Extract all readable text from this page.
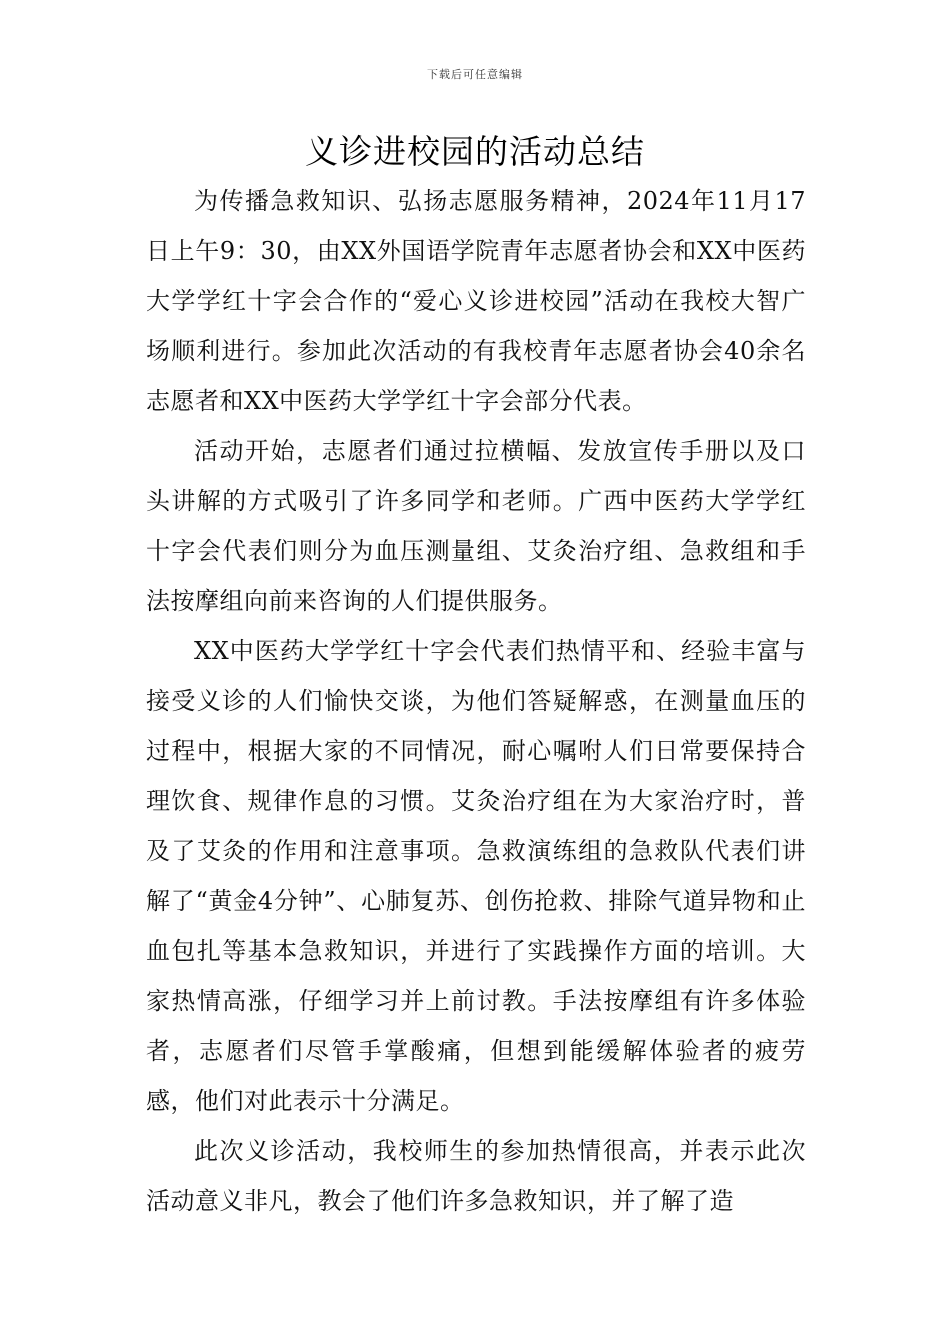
下载后可任意编辑
义诊进校园的活动总结

为传播急救知识、弘扬志愿服务精神，2024年11月17日上午9：30，由XX外国语学院青年志愿者协会和XX中医药大学学红十字会合作的“爱心义诊进校园”活动在我校大智广场顺利进行。参加此次活动的有我校青年志愿者协会40余名志愿者和XX中医药大学学红十字会部分代表。

活动开始，志愿者们通过拉横幅、发放宣传手册以及口头讲解的方式吸引了许多同学和老师。广西中医药大学学红十字会代表们则分为血压测量组、艾灸治疗组、急救组和手法按摩组向前来咨询的人们提供服务。

XX中医药大学学红十字会代表们热情平和、经验丰富与接受义诊的人们愉快交谈，为他们答疑解惑，在测量血压的过程中，根据大家的不同情况，耐心嘱咐人们日常要保持合理饮食、规律作息的习惯。艾灸治疗组在为大家治疗时，普及了艾灸的作用和注意事项。急救演练组的急救队代表们讲解了“黄金4分钟”、心肺复苏、创伤抢救、排除气道异物和止血包扎等基本急救知识，并进行了实践操作方面的培训。大家热情高涨，仔细学习并上前讨教。手法按摩组有许多体验者，志愿者们尽管手掌酸痛，但想到能缓解体验者的疲劳感，他们对此表示十分满足。

此次义诊活动，我校师生的参加热情很高，并表示此次活动意义非凡，教会了他们许多急救知识，并了解了造
